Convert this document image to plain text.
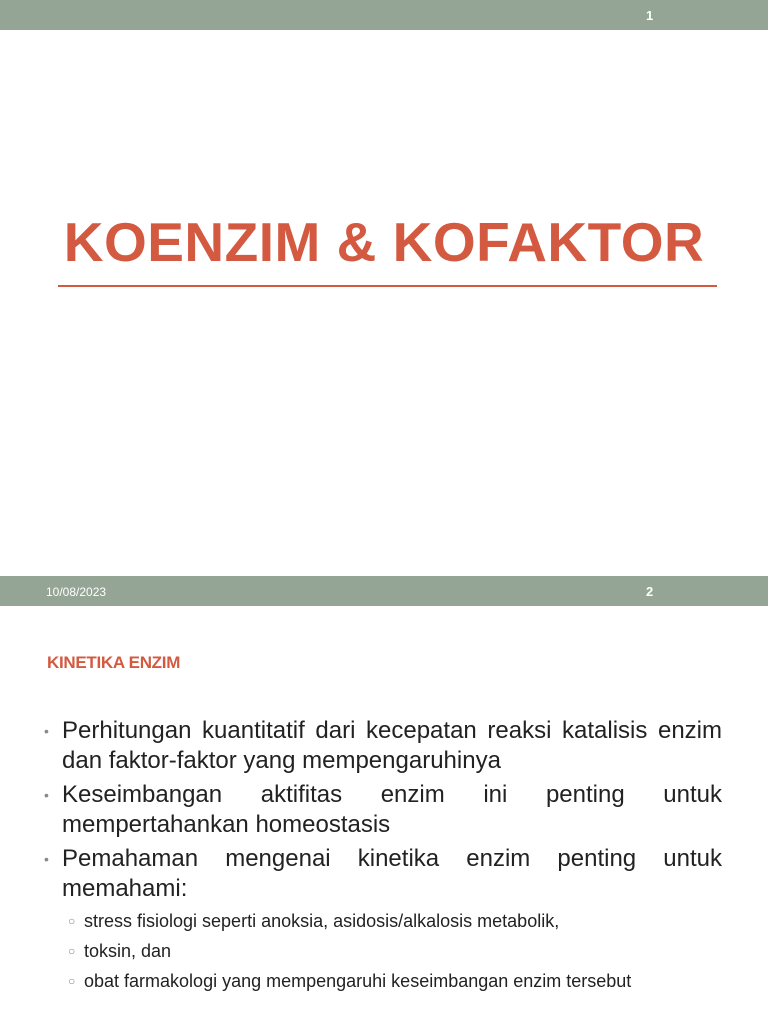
1
KOENZIM & KOFAKTOR
10/08/2023	2
KINETIKA ENZIM
• Perhitungan kuantitatif dari kecepatan reaksi katalisis enzim dan faktor-faktor yang mempengaruhinya
• Keseimbangan aktifitas enzim ini penting untuk mempertahankan homeostasis
• Pemahaman mengenai kinetika enzim penting untuk memahami:
○ stress fisiologi seperti anoksia, asidosis/alkalosis metabolik,
○ toksin, dan
○ obat farmakologi yang mempengaruhi keseimbangan enzim tersebut
